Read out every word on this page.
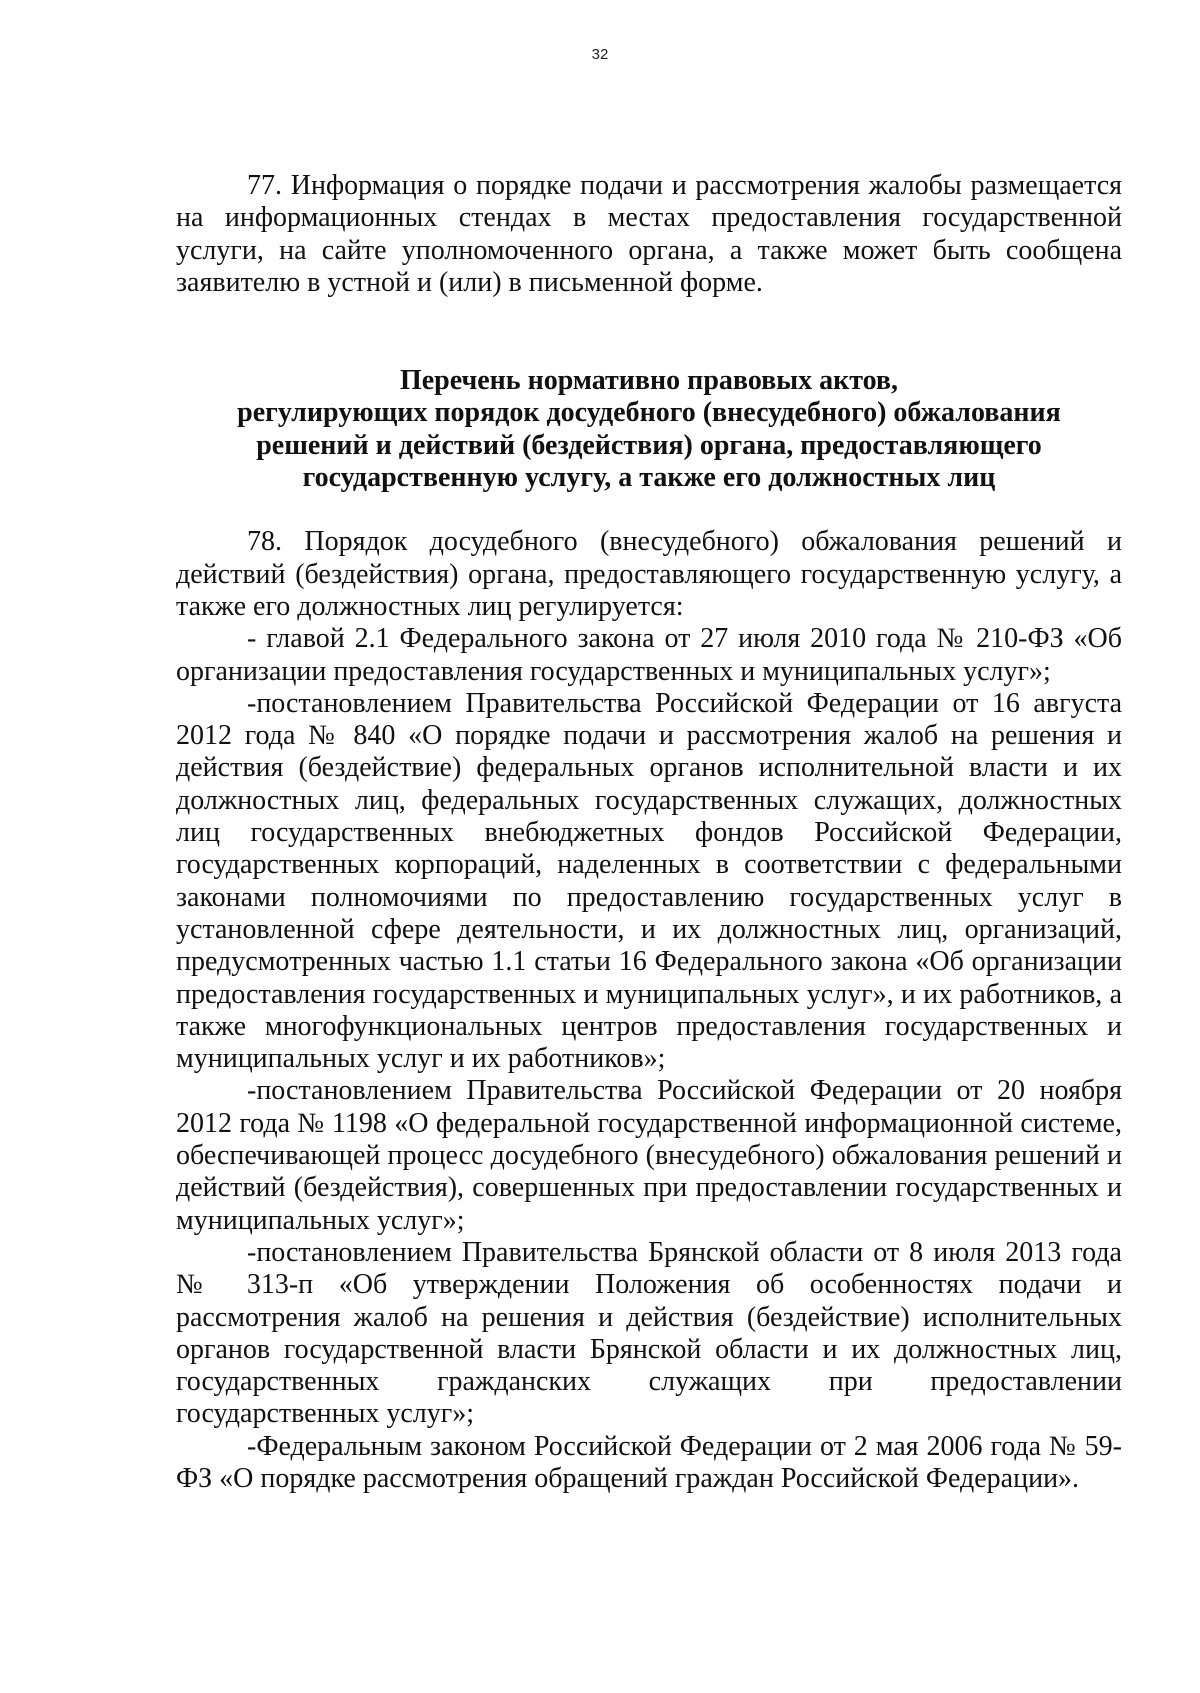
32

77. Информация о порядке подачи и рассмотрения жалобы размещается на информационных стендах в местах предоставления государственной услуги, на сайте уполномоченного органа, а также может быть сообщена заявителю в устной и (или) в письменной форме.

Перечень нормативно правовых актов,
регулирующих порядок досудебного (внесудебного) обжалования
решений и действий (бездействия) органа, предоставляющего
государственную услугу, а также его должностных лиц

78. Порядок досудебного (внесудебного) обжалования решений и действий (бездействия) органа, предоставляющего государственную услугу, а также его должностных лиц регулируется:

- главой 2.1 Федерального закона от 27 июля 2010 года № 210-ФЗ «Об организации предоставления государственных и муниципальных услуг»;

-постановлением Правительства Российской Федерации от 16 августа 2012 года № 840 «О порядке подачи и рассмотрения жалоб на решения и действия (бездействие) федеральных органов исполнительной власти и их должностных лиц, федеральных государственных служащих, должностных лиц государственных внебюджетных фондов Российской Федерации, государственных корпораций, наделенных в соответствии с федеральными законами полномочиями по предоставлению государственных услуг в установленной сфере деятельности, и их должностных лиц, организаций, предусмотренных частью 1.1 статьи 16 Федерального закона «Об организации предоставления государственных и муниципальных услуг», и их работников, а также многофункциональных центров предоставления государственных и муниципальных услуг и их работников»;

-постановлением Правительства Российской Федерации от 20 ноября 2012 года № 1198 «О федеральной государственной информационной системе, обеспечивающей процесс досудебного (внесудебного) обжалования решений и действий (бездействия), совершенных при предоставлении государственных и муниципальных услуг»;

-постановлением Правительства Брянской области от 8 июля 2013 года № 313-п «Об утверждении Положения об особенностях подачи и рассмотрения жалоб на решения и действия (бездействие) исполнительных органов государственной власти Брянской области и их должностных лиц, государственных гражданских служащих при предоставлении государственных услуг»;

-Федеральным законом Российской Федерации от 2 мая 2006 года № 59-ФЗ «О порядке рассмотрения обращений граждан Российской Федерации».
